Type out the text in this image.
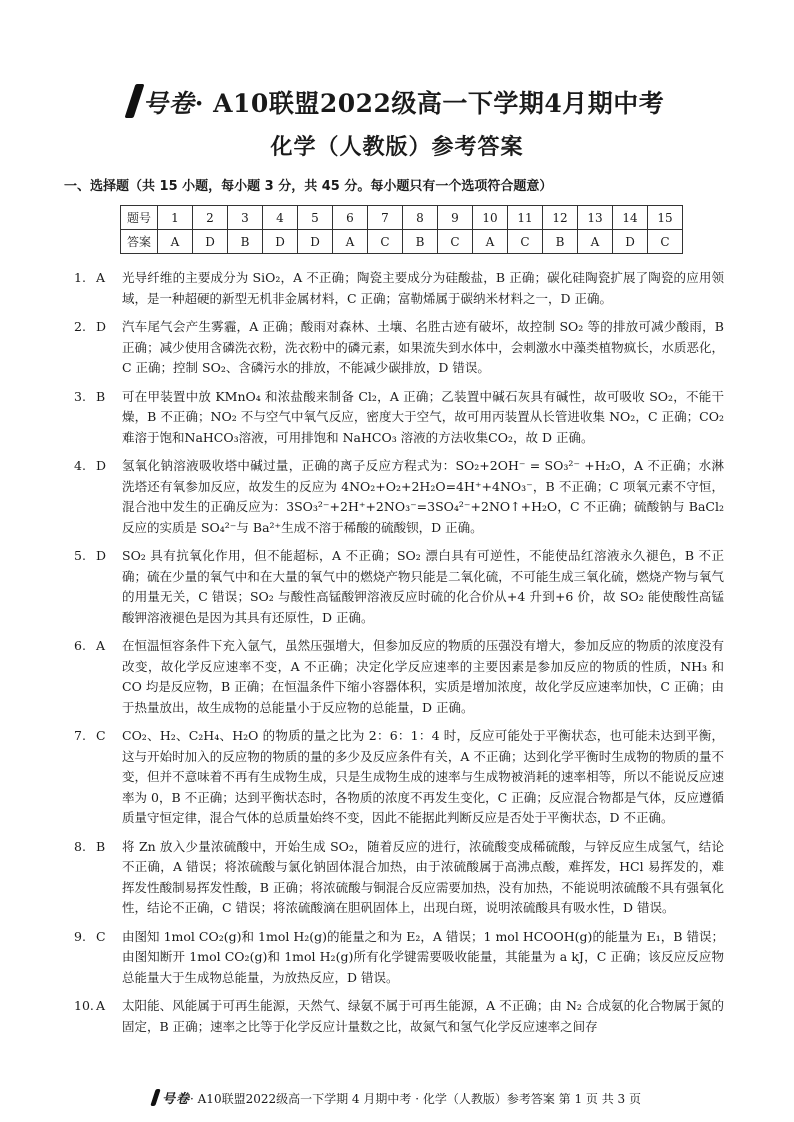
号卷· A10联盟2022级高一下学期4月期中考
化学（人教版）参考答案
一、选择题（共 15 小题，每小题 3 分，共 45 分。每小题只有一个选项符合题意）
题号	1	2	3	4	5	6	7	8	9	10	11	12	13	14	15
答案	A	D	B	D	D	A	C	B	C	A	C	B	A	D	C
1. A	光导纤维的主要成分为 SiO₂，A 不正确；陶瓷主要成分为硅酸盐，B 正确；碳化硅陶瓷扩展了陶瓷的应用领域，是一种超硬的新型无机非金属材料，C 正确；富勒烯属于碳纳米材料之一，D 正确。
2. D	汽车尾气会产生雾霾，A 正确；酸雨对森林、土壤、名胜古迹有破坏，故控制 SO₂ 等的排放可减少酸雨，B 正确；减少使用含磷洗衣粉，洗衣粉中的磷元素，如果流失到水体中，会刺激水中藻类植物疯长，水质恶化，C 正确；控制 SO₂、含磷污水的排放，不能减少碳排放，D 错误。
3. B	可在甲装置中放 KMnO₄ 和浓盐酸来制备 Cl₂，A 正确；乙装置中碱石灰具有碱性，故可吸收 SO₂，不能干燥，B 不正确；NO₂ 不与空气中氧气反应，密度大于空气，故可用丙装置从长管进收集 NO₂，C 正确；CO₂ 难溶于饱和NaHCO₃溶液，可用排饱和 NaHCO₃ 溶液的方法收集CO₂，故 D 正确。
4. D	氢氧化钠溶液吸收塔中碱过量，正确的离子反应方程式为：SO₂+2OH⁻ = SO₃²⁻ +H₂O，A 不正确；水淋洗塔还有氧参加反应，故发生的反应为 4NO₂+O₂+2H₂O=4H⁺+4NO₃⁻，B 不正确；C 项氧元素不守恒，混合池中发生的正确反应为：3SO₃²⁻+2H⁺+2NO₃⁻=3SO₄²⁻+2NO↑+H₂O，C 不正确；硫酸钠与 BaCl₂ 反应的实质是 SO₄²⁻与 Ba²⁺生成不溶于稀酸的硫酸钡，D 正确。
5. D	SO₂ 具有抗氧化作用，但不能超标，A 不正确；SO₂ 漂白具有可逆性，不能使品红溶液永久褪色，B 不正确；硫在少量的氧气中和在大量的氧气中的燃烧产物只能是二氧化硫，不可能生成三氧化硫，燃烧产物与氧气的用量无关，C 错误；SO₂ 与酸性高锰酸钾溶液反应时硫的化合价从+4 升到+6 价，故 SO₂ 能使酸性高锰酸钾溶液褪色是因为其具有还原性，D 正确。
6. A	在恒温恒容条件下充入氩气，虽然压强增大，但参加反应的物质的压强没有增大，参加反应的物质的浓度没有改变，故化学反应速率不变，A 不正确；决定化学反应速率的主要因素是参加反应的物质的性质，NH₃ 和 CO 均是反应物，B 正确；在恒温条件下缩小容器体积，实质是增加浓度，故化学反应速率加快，C 正确；由于热量放出，故生成物的总能量小于反应物的总能量，D 正确。
7. C	CO₂、H₂、C₂H₄、H₂O 的物质的量之比为 2：6：1：4 时，反应可能处于平衡状态，也可能未达到平衡，这与开始时加入的反应物的物质的量的多少及反应条件有关，A 不正确；达到化学平衡时生成物的物质的量不变，但并不意味着不再有生成物生成，只是生成物生成的速率与生成物被消耗的速率相等，所以不能说反应速率为 0，B 不正确；达到平衡状态时，各物质的浓度不再发生变化，C 正确；反应混合物都是气体，反应遵循质量守恒定律，混合气体的总质量始终不变，因此不能据此判断反应是否处于平衡状态，D 不正确。
8. B	将 Zn 放入少量浓硫酸中，开始生成 SO₂，随着反应的进行，浓硫酸变成稀硫酸，与锌反应生成氢气，结论不正确，A 错误；将浓硫酸与氯化钠固体混合加热，由于浓硫酸属于高沸点酸，难挥发，HCl 易挥发的，难挥发性酸制易挥发性酸，B 正确；将浓硫酸与铜混合反应需要加热，没有加热，不能说明浓硫酸不具有强氧化性，结论不正确，C 错误；将浓硫酸滴在胆矾固体上，出现白斑，说明浓硫酸具有吸水性，D 错误。
9. C	由图知 1mol CO₂(g)和 1mol H₂(g)的能量之和为 E₂，A 错误；1 mol HCOOH(g)的能量为 E₁，B 错误；由图知断开 1mol CO₂(g)和 1mol H₂(g)所有化学键需要吸收能量，其能量为 a kJ，C 正确；该反应反应物总能量大于生成物总能量，为放热反应，D 错误。
10. A	太阳能、风能属于可再生能源，天然气、绿氨不属于可再生能源，A 不正确；由 N₂ 合成氨的化合物属于氮的固定，B 正确；速率之比等于化学反应计量数之比，故氮气和氢气化学反应速率之间存
号卷· A10联盟2022级高一下学期 4 月期中考 · 化学（人教版）参考答案 第 1 页 共 3 页
